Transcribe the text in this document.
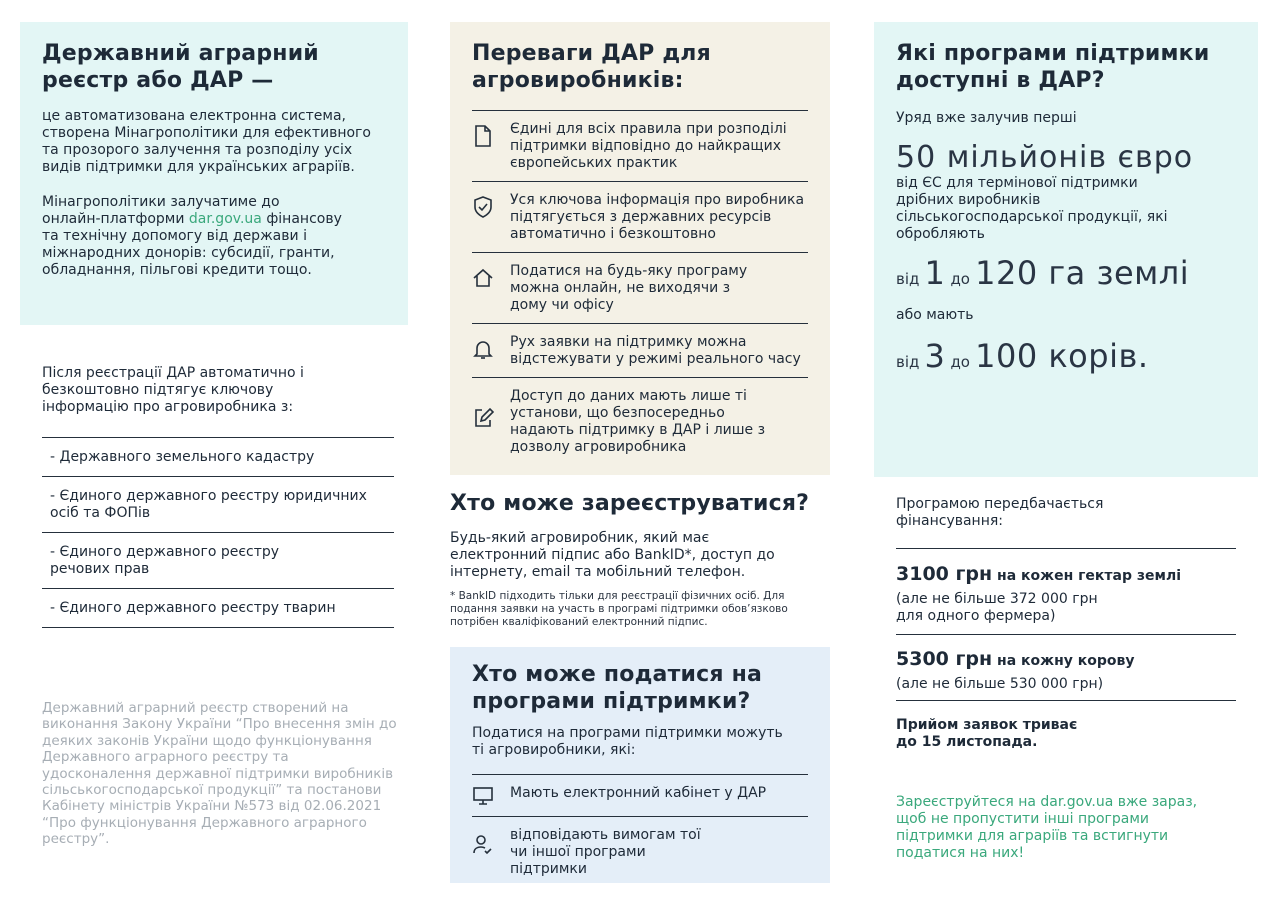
Державний аграрний реєстр або ДАР —

це автоматизована електронна система, створена Мінагрополітики для ефективного та прозорого залучення та розподілу усіх видів підтримки для українських аграріїв.

Мінагрополітики залучатиме до онлайн-платформи dar.gov.ua фінансову та технічну допомогу від держави і міжнародних донорів: субсидії, гранти, обладнання, пільгові кредити тощо.

Після реєстрації ДАР автоматично і безкоштовно підтягує ключову інформацію про агровиробника з:

- Державного земельного кадастру
- Єдиного державного реєстру юридичних осіб та ФОПів
- Єдиного державного реєстру речових прав
- Єдиного державного реєстру тварин

Державний аграрний реєстр створений на виконання Закону України “Про внесення змін до деяких законів України щодо функціонування Державного аграрного реєстру та удосконалення державної підтримки виробників сільськогосподарської продукції” та постанови Кабінету міністрів України №573 від 02.06.2021 “Про функціонування Державного аграрного реєстру”.

Переваги ДАР для агровиробників:
Єдині для всіх правила при розподілі підтримки відповідно до найкращих європейських практик
Уся ключова інформація про виробника підтягується з державних ресурсів автоматично і безкоштовно
Податися на будь-яку програму можна онлайн, не виходячи з дому чи офісу
Рух заявки на підтримку можна відстежувати у режимі реального часу
Доступ до даних мають лише ті установи, що безпосередньо надають підтримку в ДАР і лише з дозволу агровиробника
Хто може зареєструватися?

Будь-який агровиробник, який має електронний підпис або BankID*, доступ до інтернету, email та мобільний телефон.

* BankID підходить тільки для реєстрації фізичних осіб. Для подання заявки на участь в програмі підтримки обов’язково потрібен кваліфікований електронний підпис.

Хто може податися на програми підтримки?

Податися на програми підтримки можуть ті агровиробники, які:

Мають електронний кабінет у ДАР
відповідають вимогам тої чи іншої програми підтримки
Які програми підтримки доступні в ДАР?

Уряд вже залучив перші

50 мільйонів євро

від ЄС для термінової підтримки дрібних виробників сільськогосподарської продукції, які обробляють

від 1 до 120 га землі

або мають

від 3 до 100 корів.

Програмою передбачається фінансування:

3100 грн на кожен гектар землі

(але не більше 372 000 грн для одного фермера)

5300 грн на кожну корову

(але не більше 530 000 грн)

Прийом заявок триває до 15 листопада.

Зареєструйтеся на dar.gov.ua вже зараз, щоб не пропустити інші програми підтримки для аграріїв та встигнути податися на них!
